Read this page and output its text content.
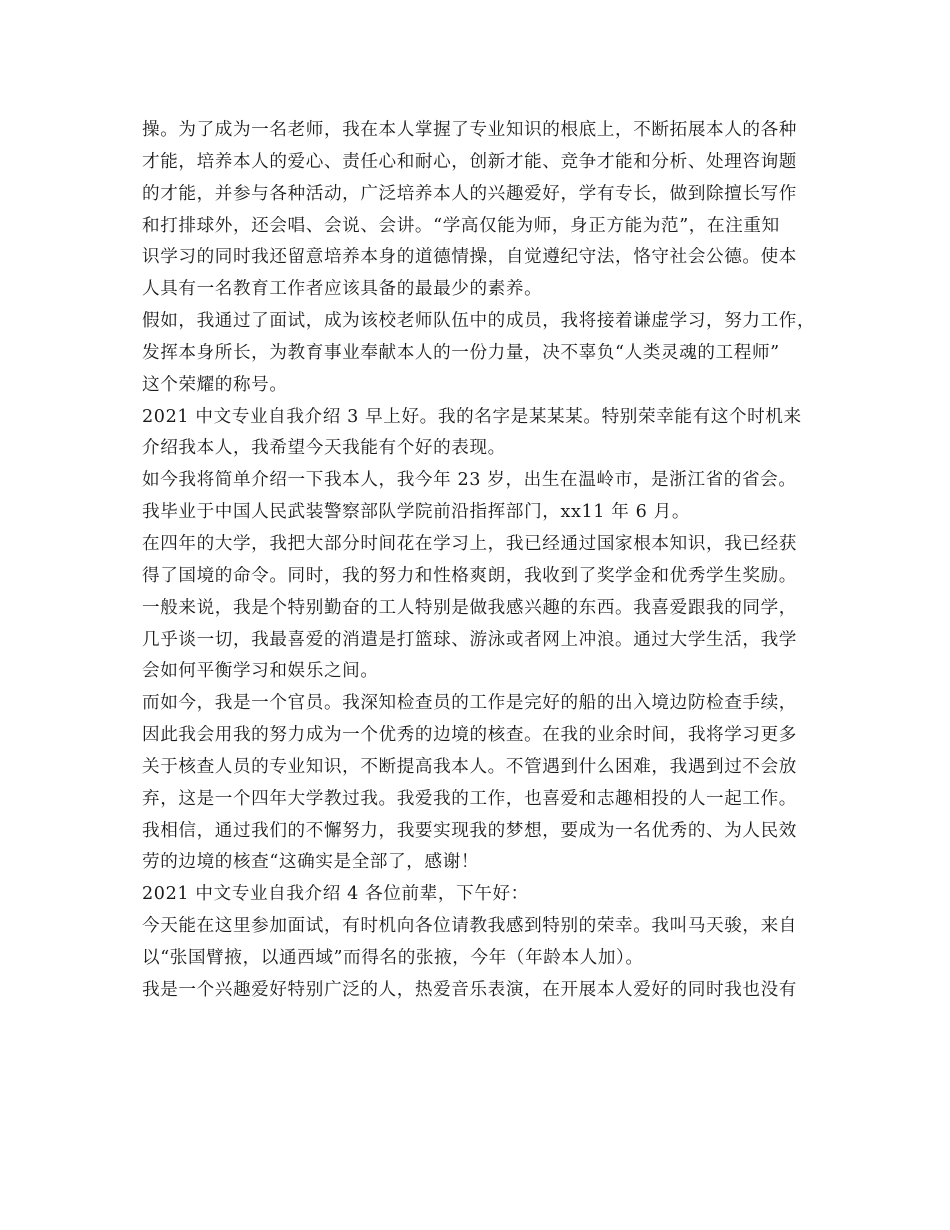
操。为了成为一名老师，我在本人掌握了专业知识的根底上，不断拓展本人的各种
才能，培养本人的爱心、责任心和耐心，创新才能、竞争才能和分析、处理咨询题
的才能，并参与各种活动，广泛培养本人的兴趣爱好，学有专长，做到除擅长写作
和打排球外，还会唱、会说、会讲。“学高仅能为师，身正方能为范”，在注重知
识学习的同时我还留意培养本身的道德情操，自觉遵纪守法，恪守社会公德。使本
人具有一名教育工作者应该具备的最最少的素养。
假如，我通过了面试，成为该校老师队伍中的成员，我将接着谦虚学习，努力工作，
发挥本身所长，为教育事业奉献本人的一份力量，决不辜负“人类灵魂的工程师”
这个荣耀的称号。
2021 中文专业自我介绍 3 早上好。我的名字是某某某。特别荣幸能有这个时机来
介绍我本人，我希望今天我能有个好的表现。
如今我将简单介绍一下我本人，我今年 23 岁，出生在温岭市，是浙江省的省会。
我毕业于中国人民武装警察部队学院前沿指挥部门，xx11 年 6 月。
在四年的大学，我把大部分时间花在学习上，我已经通过国家根本知识，我已经获
得了国境的命令。同时，我的努力和性格爽朗，我收到了奖学金和优秀学生奖励。
一般来说，我是个特别勤奋的工人特别是做我感兴趣的东西。我喜爱跟我的同学，
几乎谈一切，我最喜爱的消遣是打篮球、游泳或者网上冲浪。通过大学生活，我学
会如何平衡学习和娱乐之间。
而如今，我是一个官员。我深知检查员的工作是完好的船的出入境边防检查手续，
因此我会用我的努力成为一个优秀的边境的核查。在我的业余时间，我将学习更多
关于核查人员的专业知识，不断提高我本人。不管遇到什么困难，我遇到过不会放
弃，这是一个四年大学教过我。我爱我的工作，也喜爱和志趣相投的人一起工作。
我相信，通过我们的不懈努力，我要实现我的梦想，要成为一名优秀的、为人民效
劳的边境的核查“这确实是全部了，感谢！
2021 中文专业自我介绍 4 各位前辈，下午好：
今天能在这里参加面试，有时机向各位请教我感到特别的荣幸。我叫马天骏，来自
以“张国臂掖，以通西域”而得名的张掖，今年（年龄本人加）。
我是一个兴趣爱好特别广泛的人，热爱音乐表演，在开展本人爱好的同时我也没有
